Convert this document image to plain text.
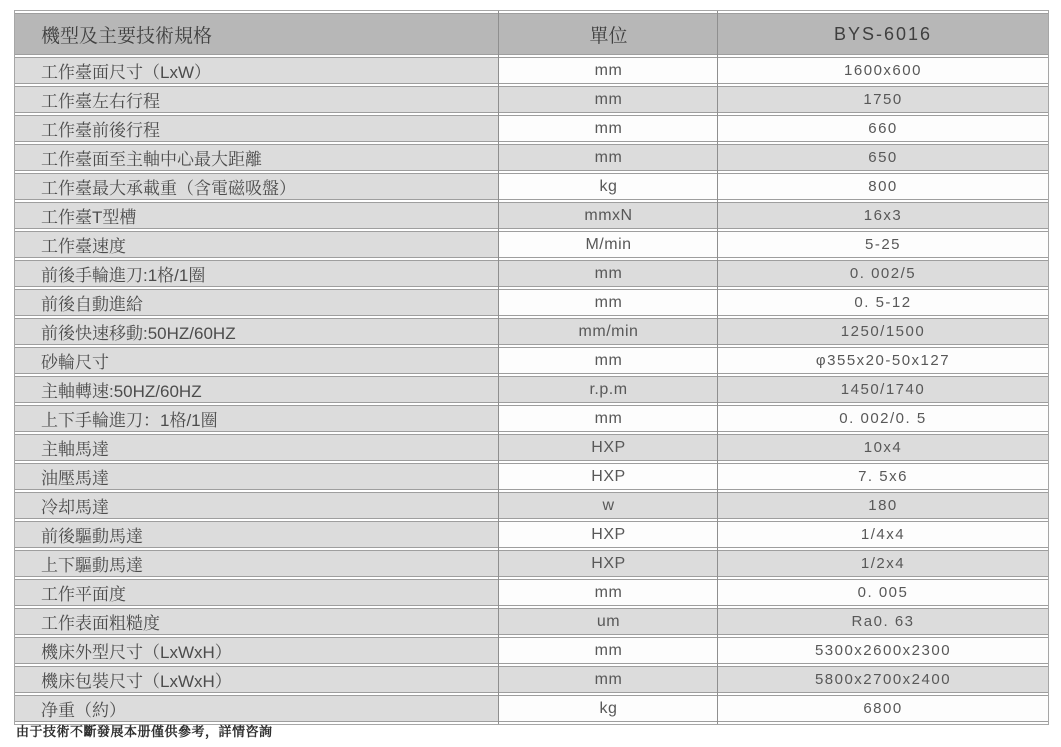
機型及主要技術規格	單位	BYS-6016
工作臺面尺寸（LxW）	mm	1600x600
工作臺左右行程	mm	1750
工作臺前後行程	mm	660
工作臺面至主軸中心最大距離	mm	650
工作臺最大承載重（含電磁吸盤）	kg	800
工作臺T型槽	mmxN	16x3
工作臺速度	M/min	5-25
前後手輪進刀:1格/1圈	mm	0. 002/5
前後自動進給	mm	0. 5-12
前後快速移動:50HZ/60HZ	mm/min	1250/1500
砂輪尺寸	mm	φ355x20-50x127
主軸轉速:50HZ/60HZ	r.p.m	1450/1740
上下手輪進刀：1格/1圈	mm	0. 002/0. 5
主軸馬達	HXP	10x4
油壓馬達	HXP	7. 5x6
冷却馬達	w	180
前後驅動馬達	HXP	1/4x4
上下驅動馬達	HXP	1/2x4
工作平面度	mm	0. 005
工作表面粗糙度	um	Ra0. 63
機床外型尺寸（LxWxH）	mm	5300x2600x2300
機床包裝尺寸（LxWxH）	mm	5800x2700x2400
净重（約）	kg	6800
由于技術不斷發展本册僅供參考，詳情咨詢
